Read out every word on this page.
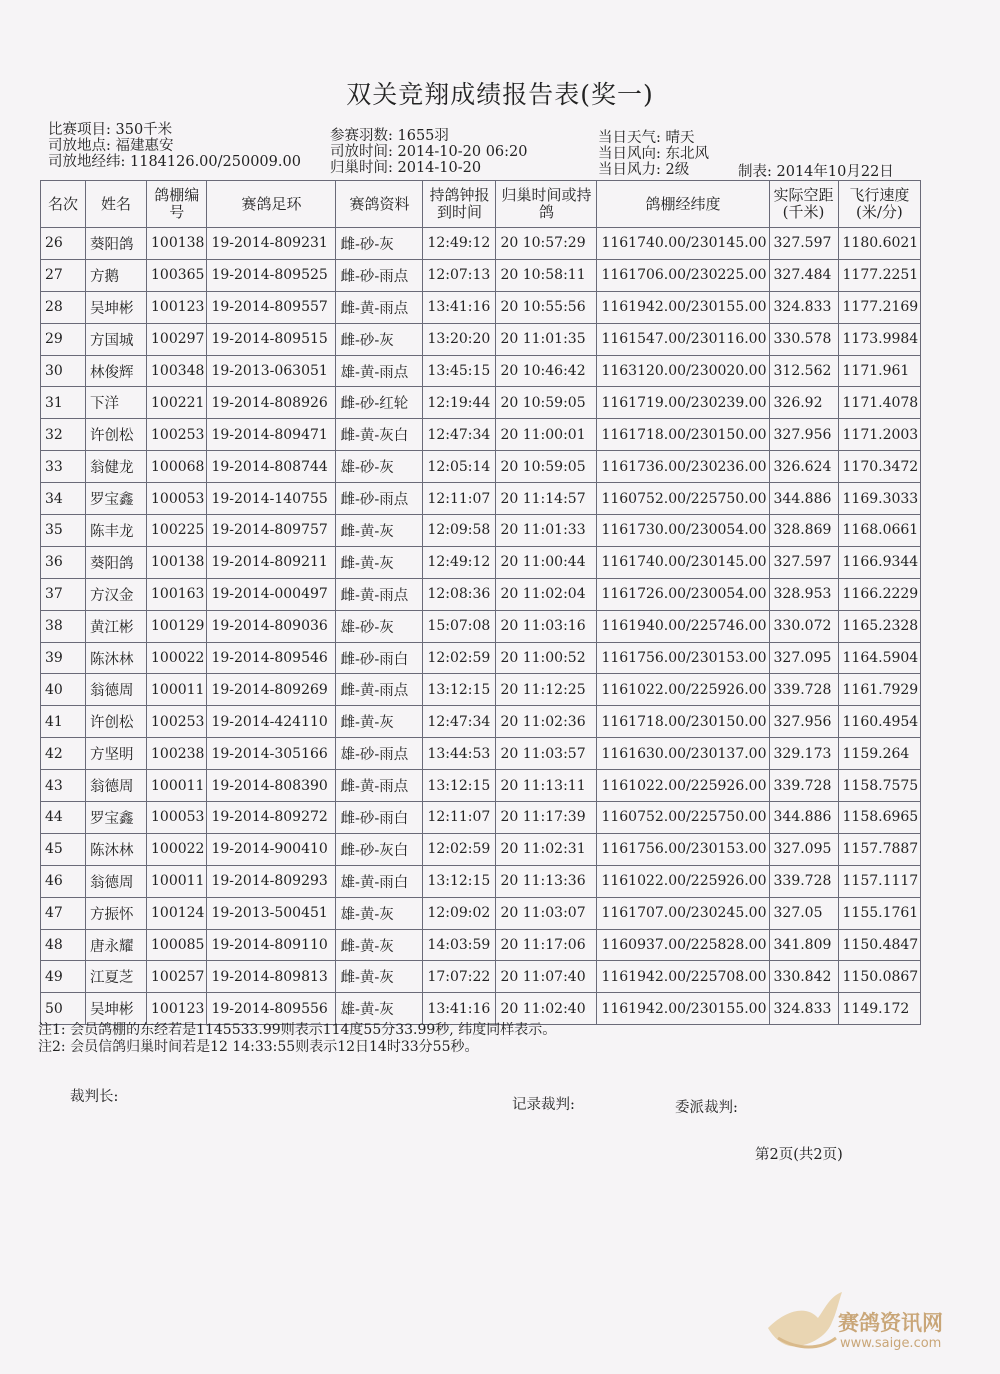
双关竞翔成绩报告表(奖一)
比赛项目: 350千米
司放地点: 福建惠安
司放地经纬: 1184126.00/250009.00
参赛羽数: 1655羽
司放时间: 2014-10-20 06:20
归巢时间: 2014-10-20
当日天气: 晴天
当日风向: 东北风
当日风力: 2级	制表: 2014年10月22日
名次	姓名	鸽棚编号	赛鸽足环	赛鸽资料	持鸽钟报到时间	归巢时间或持鸽	鸽棚经纬度	实际空距(千米)	飞行速度(米/分)
26	葵阳鸽	100138	19-2014-809231	雌-砂-灰	12:49:12	20 10:57:29	1161740.00/230145.00	327.597	1180.6021
27	方鹅	100365	19-2014-809525	雌-砂-雨点	12:07:13	20 10:58:11	1161706.00/230225.00	327.484	1177.2251
28	吴坤彬	100123	19-2014-809557	雌-黄-雨点	13:41:16	20 10:55:56	1161942.00/230155.00	324.833	1177.2169
29	方国城	100297	19-2014-809515	雌-砂-灰	13:20:20	20 11:01:35	1161547.00/230116.00	330.578	1173.9984
30	林俊辉	100348	19-2013-063051	雄-黄-雨点	13:45:15	20 10:46:42	1163120.00/230020.00	312.562	1171.961
31	下洋	100221	19-2014-808926	雌-砂-红轮	12:19:44	20 10:59:05	1161719.00/230239.00	326.92	1171.4078
32	许创松	100253	19-2014-809471	雌-黄-灰白	12:47:34	20 11:00:01	1161718.00/230150.00	327.956	1171.2003
33	翁健龙	100068	19-2014-808744	雄-砂-灰	12:05:14	20 10:59:05	1161736.00/230236.00	326.624	1170.3472
34	罗宝鑫	100053	19-2014-140755	雌-砂-雨点	12:11:07	20 11:14:57	1160752.00/225750.00	344.886	1169.3033
35	陈丰龙	100225	19-2014-809757	雌-黄-灰	12:09:58	20 11:01:33	1161730.00/230054.00	328.869	1168.0661
36	葵阳鸽	100138	19-2014-809211	雌-黄-灰	12:49:12	20 11:00:44	1161740.00/230145.00	327.597	1166.9344
37	方汉金	100163	19-2014-000497	雌-黄-雨点	12:08:36	20 11:02:04	1161726.00/230054.00	328.953	1166.2229
38	黄江彬	100129	19-2014-809036	雄-砂-灰	15:07:08	20 11:03:16	1161940.00/225746.00	330.072	1165.2328
39	陈沐林	100022	19-2014-809546	雌-砂-雨白	12:02:59	20 11:00:52	1161756.00/230153.00	327.095	1164.5904
40	翁德周	100011	19-2014-809269	雌-黄-雨点	13:12:15	20 11:12:25	1161022.00/225926.00	339.728	1161.7929
41	许创松	100253	19-2014-424110	雌-黄-灰	12:47:34	20 11:02:36	1161718.00/230150.00	327.956	1160.4954
42	方坚明	100238	19-2014-305166	雄-砂-雨点	13:44:53	20 11:03:57	1161630.00/230137.00	329.173	1159.264
43	翁德周	100011	19-2014-808390	雌-黄-雨点	13:12:15	20 11:13:11	1161022.00/225926.00	339.728	1158.7575
44	罗宝鑫	100053	19-2014-809272	雌-砂-雨白	12:11:07	20 11:17:39	1160752.00/225750.00	344.886	1158.6965
45	陈沐林	100022	19-2014-900410	雌-砂-灰白	12:02:59	20 11:02:31	1161756.00/230153.00	327.095	1157.7887
46	翁德周	100011	19-2014-809293	雄-黄-雨白	13:12:15	20 11:13:36	1161022.00/225926.00	339.728	1157.1117
47	方振怀	100124	19-2013-500451	雄-黄-灰	12:09:02	20 11:03:07	1161707.00/230245.00	327.05	1155.1761
48	唐永耀	100085	19-2014-809110	雌-黄-灰	14:03:59	20 11:17:06	1160937.00/225828.00	341.809	1150.4847
49	江夏芝	100257	19-2014-809813	雌-黄-灰	17:07:22	20 11:07:40	1161942.00/225708.00	330.842	1150.0867
50	吴坤彬	100123	19-2014-809556	雄-黄-灰	13:41:16	20 11:02:40	1161942.00/230155.00	324.833	1149.172
注1: 会员鸽棚的东经若是1145533.99则表示114度55分33.99秒, 纬度同样表示。
注2: 会员信鸽归巢时间若是12 14:33:55则表示12日14时33分55秒。
裁判长:	记录裁判:	委派裁判:
第2页(共2页)
赛鸽资讯网
www.saige.com
